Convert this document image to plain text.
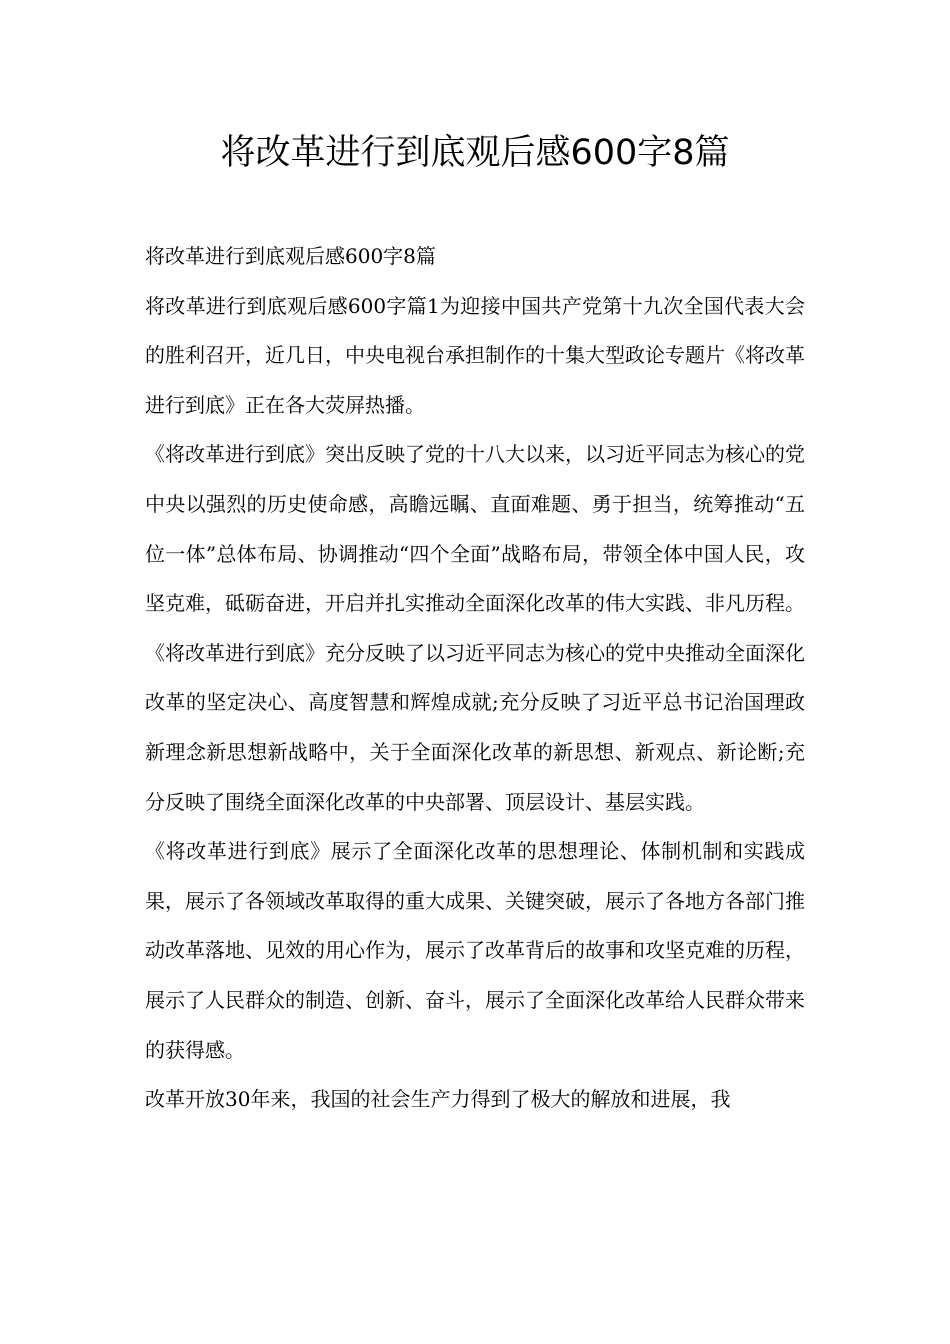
将改革进行到底观后感600字8篇

将改革进行到底观后感600字8篇

将改革进行到底观后感600字篇1为迎接中国共产党第十九次全国代表大会的胜利召开，近几日，中央电视台承担制作的十集大型政论专题片《将改革进行到底》正在各大荧屏热播。

《将改革进行到底》突出反映了党的十八大以来，以习近平同志为核心的党中央以强烈的历史使命感，高瞻远瞩、直面难题、勇于担当，统筹推动“五位一体”总体布局、协调推动“四个全面”战略布局，带领全体中国人民，攻坚克难，砥砺奋进，开启并扎实推动全面深化改革的伟大实践、非凡历程。

《将改革进行到底》充分反映了以习近平同志为核心的党中央推动全面深化改革的坚定决心、高度智慧和辉煌成就;充分反映了习近平总书记治国理政新理念新思想新战略中，关于全面深化改革的新思想、新观点、新论断;充分反映了围绕全面深化改革的中央部署、顶层设计、基层实践。

《将改革进行到底》展示了全面深化改革的思想理论、体制机制和实践成果，展示了各领域改革取得的重大成果、关键突破，展示了各地方各部门推动改革落地、见效的用心作为，展示了改革背后的故事和攻坚克难的历程，展示了人民群众的制造、创新、奋斗，展示了全面深化改革给人民群众带来的获得感。

改革开放30年来，我国的社会生产力得到了极大的解放和进展，我
